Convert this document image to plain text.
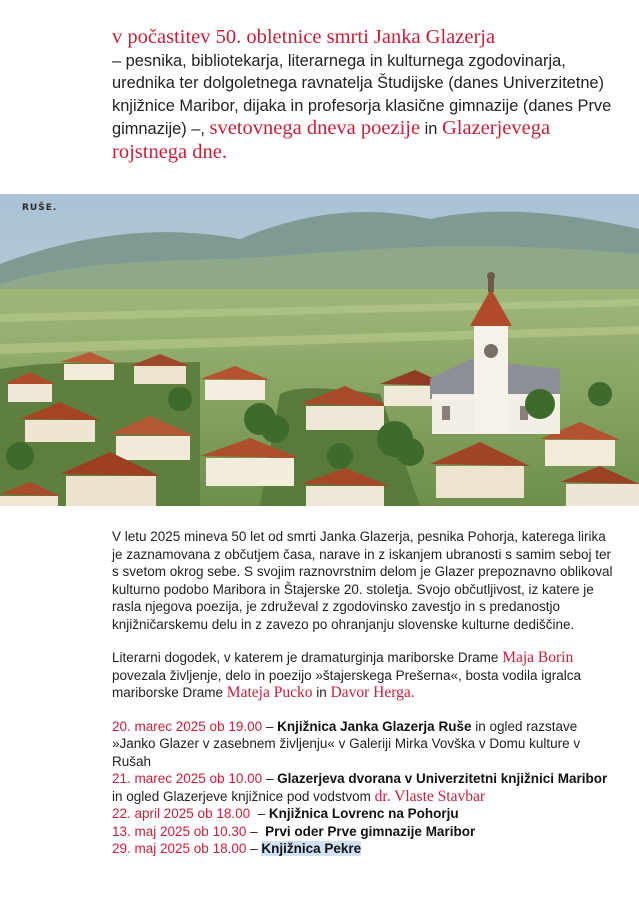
v počastitev 50. obletnice smrti Janka Glazerja
– pesnika, bibliotekarja, literarnega in kulturnega zgodovinarja, urednika ter dolgoletnega ravnatelja Študijske (danes Univerzitetne) knjižnice Maribor, dijaka in profesorja klasične gimnazije (danes Prve gimnazije) –, svetovnega dneva poezije in Glazerjevega rojstnega dne.
RUŠE.

V letu 2025 mineva 50 let od smrti Janka Glazerja, pesnika Pohorja, katerega lirika je zaznamovana z občutjem časa, narave in z iskanjem ubranosti s samim seboj ter s svetom okrog sebe. S svojim raznovrstnim delom je Glazer prepoznavno oblikoval kulturno podobo Maribora in Štajerske 20. stoletja. Svojo občutljivost, iz katere je rasla njegova poezija, je združeval z zgodovinsko zavestjo in s predanostjo knjižničarskemu delu in z zavezo po ohranjanju slovenske kulturne dediščine.

Literarni dogodek, v katerem je dramaturginja mariborske Drame Maja Borin povezala življenje, delo in poezijo »štajerskega Prešerna«, bosta vodila igralca mariborske Drame Mateja Pucko in Davor Herga.

20. marec 2025 ob 19.00 – Knjižnica Janka Glazerja Ruše in ogled razstave »Janko Glazer v zasebnem življenju« v Galeriji Mirka Vovška v Domu kulture v Rušah
21. marec 2025 ob 10.00 – Glazerjeva dvorana v Univerzitetni knjižnici Maribor in ogled Glazerjeve knjižnice pod vodstvom dr. Vlaste Stavbar
22. april 2025 ob 18.00  – Knjižnica Lovrenc na Pohorju
13. maj 2025 ob 10.30 –  Prvi oder Prve gimnazije Maribor
29. maj 2025 ob 18.00 – Knjižnica Pekre
